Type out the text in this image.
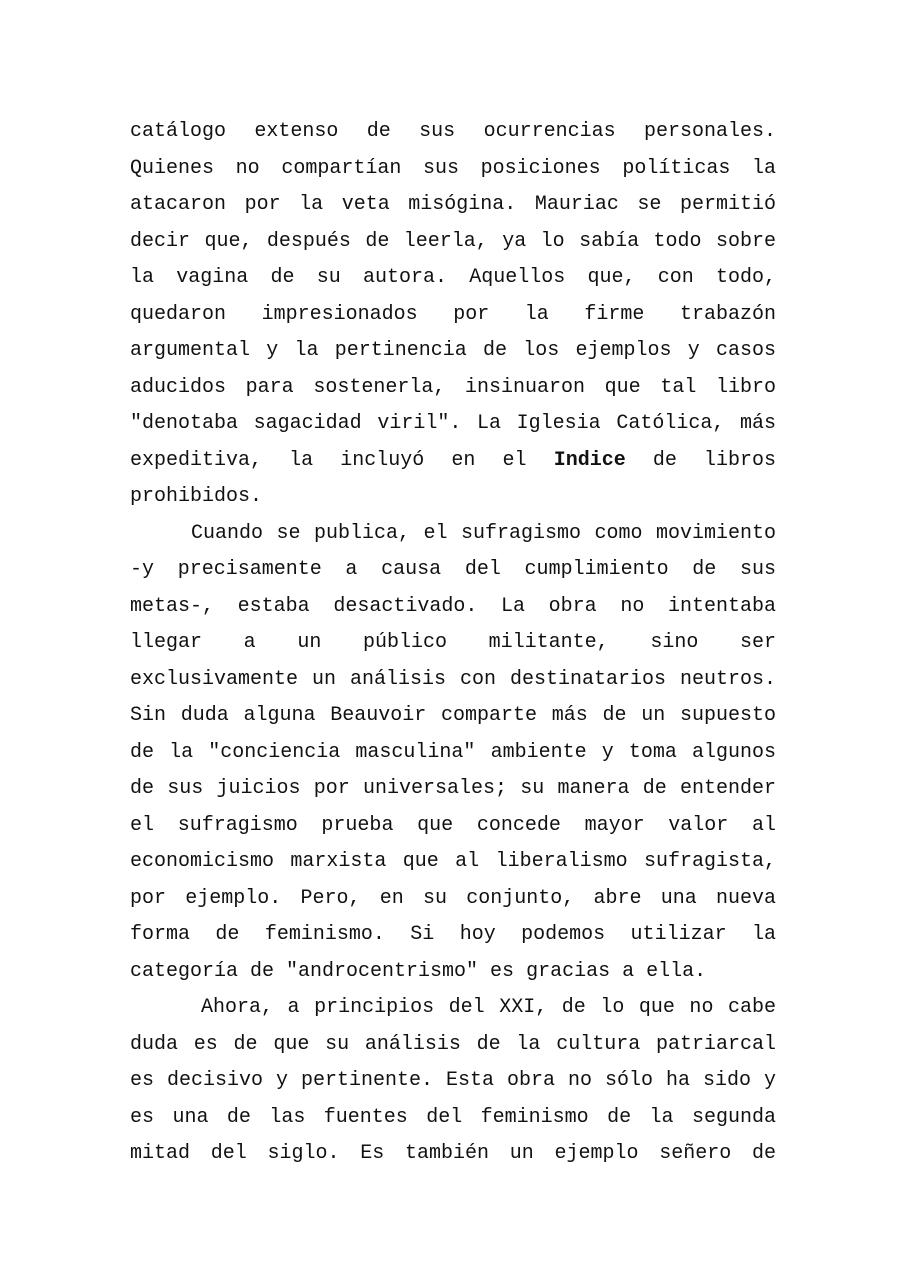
catálogo extenso de sus ocurrencias personales. Quienes no compartían sus posiciones políticas la atacaron por la veta misógina. Mauriac se permitió decir que, después de leerla, ya lo sabía todo sobre la vagina de su autora. Aquellos que, con todo, quedaron impresionados por la firme trabazón argumental y la pertinencia de los ejemplos y casos aducidos para sostenerla, insinuaron que tal libro "denotaba sagacidad viril". La Iglesia Católica, más expeditiva, la incluyó en el Indice de libros prohibidos.

Cuando se publica, el sufragismo como movimiento -y precisamente a causa del cumplimiento de sus metas-, estaba desactivado. La obra no intentaba llegar a un público militante, sino ser exclusivamente un análisis con destinatarios neutros. Sin duda alguna Beauvoir comparte más de un supuesto de la "conciencia masculina" ambiente y toma algunos de sus juicios por universales; su manera de entender el sufragismo prueba que concede mayor valor al economicismo marxista que al liberalismo sufragista, por ejemplo. Pero, en su conjunto, abre una nueva forma de feminismo. Si hoy podemos utilizar la categoría de "androcentrismo" es gracias a ella.

Ahora, a principios del XXI, de lo que no cabe duda es de que su análisis de la cultura patriarcal es decisivo y pertinente. Esta obra no sólo ha sido y es una de las fuentes del feminismo de la segunda mitad del siglo. Es también un ejemplo señero de
